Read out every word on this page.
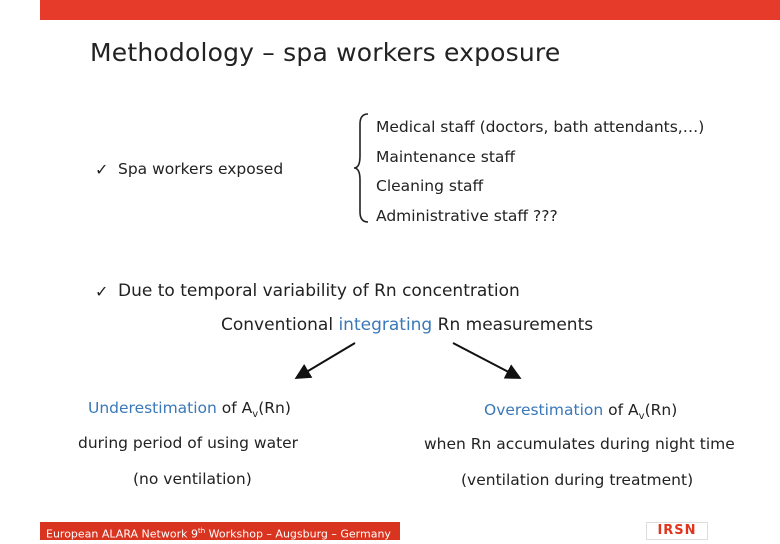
Methodology – spa workers exposure
✓ Spa workers exposed
Medical staff (doctors, bath attendants,…)
Maintenance staff
Cleaning staff
Administrative staff ???
✓ Due to temporal variability of Rn concentration
Conventional integrating Rn measurements
Underestimation of $A_v(Rn)$
during period of using water
(no ventilation)
Overestimation of $A_v(Rn)$
when Rn accumulates during night time
(ventilation during treatment)
European ALARA Network 9th Workshop – Augsburg – Germany	IRSN
